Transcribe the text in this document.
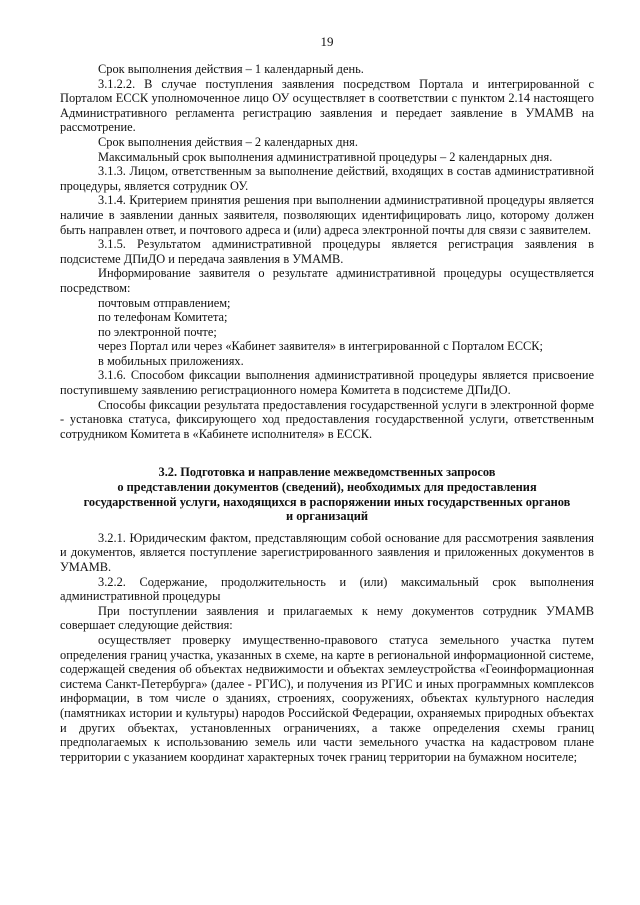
19

Срок выполнения действия – 1 календарный день.

3.1.2.2. В случае поступления заявления посредством Портала и интегрированной с Порталом ЕССК уполномоченное лицо ОУ осуществляет в соответствии с пунктом 2.14 настоящего Административного регламента регистрацию заявления и передает заявление в УМАМВ на рассмотрение.

Срок выполнения действия – 2 календарных дня.

Максимальный срок выполнения административной процедуры – 2 календарных дня.

3.1.3. Лицом, ответственным за выполнение действий, входящих в состав административной процедуры, является сотрудник ОУ.

3.1.4. Критерием принятия решения при выполнении административной процедуры является наличие в заявлении данных заявителя, позволяющих идентифицировать лицо, которому должен быть направлен ответ, и почтового адреса и (или) адреса электронной почты для связи с заявителем.

3.1.5. Результатом административной процедуры является регистрация заявления в подсистеме ДПиДО и передача заявления в УМАМВ.

Информирование заявителя о результате административной процедуры осуществляется посредством:

почтовым отправлением;

по телефонам Комитета;

по электронной почте;

через Портал или через «Кабинет заявителя» в интегрированной с Порталом ЕССК;

в мобильных приложениях.

3.1.6. Способом фиксации выполнения административной процедуры является присвоение поступившему заявлению регистрационного номера Комитета в подсистеме ДПиДО.

Способы фиксации результата предоставления государственной услуги в электронной форме - установка статуса, фиксирующего ход предоставления государственной услуги, ответственным сотрудником Комитета в «Кабинете исполнителя» в ЕССК.

3.2. Подготовка и направление межведомственных запросов
о представлении документов (сведений), необходимых для предоставления
государственной услуги, находящихся в распоряжении иных государственных органов
и организаций

3.2.1. Юридическим фактом, представляющим собой основание для рассмотрения заявления и документов, является поступление зарегистрированного заявления и приложенных документов в УМАМВ.

3.2.2. Содержание, продолжительность и (или) максимальный срок выполнения административной процедуры

При поступлении заявления и прилагаемых к нему документов сотрудник УМАМВ совершает следующие действия:

осуществляет проверку имущественно-правового статуса земельного участка путем определения границ участка, указанных в схеме, на карте в региональной информационной системе, содержащей сведения об объектах недвижимости и объектах землеустройства «Геоинформационная система Санкт-Петербурга» (далее - РГИС), и получения из РГИС и иных программных комплексов информации, в том числе о зданиях, строениях, сооружениях, объектах культурного наследия (памятниках истории и культуры) народов Российской Федерации, охраняемых природных объектах и других объектах, установленных ограничениях, а также определения схемы границ предполагаемых к использованию земель или части земельного участка на кадастровом плане территории с указанием координат характерных точек границ территории на бумажном носителе;
